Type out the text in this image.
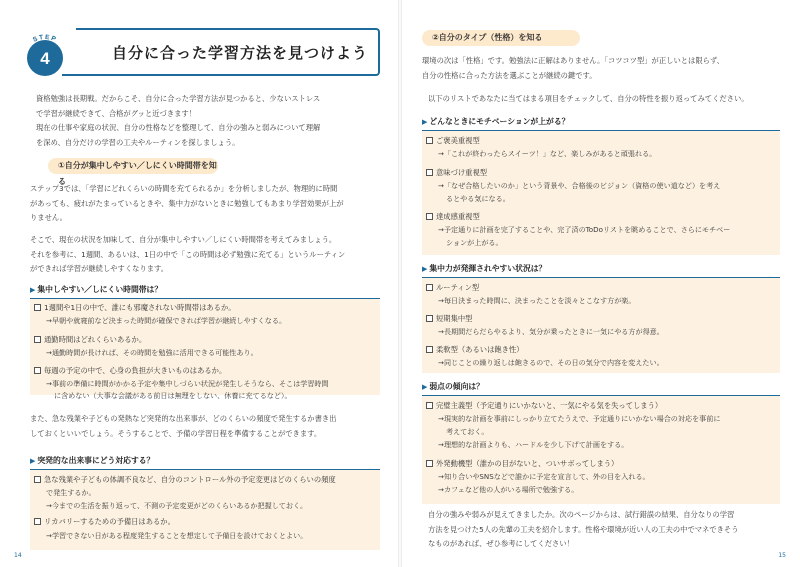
4
STEP
自分に合った学習方法を見つけよう
資格勉強は長期戦。だからこそ、自分に合った学習方法が見つかると、少ないストレス
で学習が継続できて、合格がグッと近づきます！
現在の仕事や家庭の状況、自分の性格などを整理して、自分の強みと弱みについて理解
を深め、自分だけの学習の工夫やルーティンを探しましょう。
①自分が集中しやすい／しにくい時間帯を知る
ステップ3では、「学習にどれくらいの時間を充てられるか」を分析しましたが、物理的に時間
があっても、疲れがたまっているときや、集中力がないときに勉強してもあまり学習効果が上が
りません。
そこで、現在の状況を加味して、自分が集中しやすい／しにくい時間帯を考えてみましょう。
それを参考に、1週間、あるいは、1日の中で「この時間は必ず勉強に充てる」というルーティン
ができれば学習が継続しやすくなります。
▶ 集中しやすい／しにくい時間帯は？
1週間や1日の中で、誰にも邪魔されない時間帯はあるか。
→早朝や就寝前など決まった時間が確保できれば学習が継続しやすくなる。
通勤時間はどれくらいあるか。
→通勤時間が長ければ、その時間を勉強に活用できる可能性あり。
毎週の予定の中で、心身の負担が大きいものはあるか。
→事前の準備に時間がかかる予定や集中しづらい状況が発生しそうなら、そこは学習時間
に含めない（大事な会議がある前日は無理をしない、休養に充てるなど）。
また、急な残業や子どもの発熱など突発的な出来事が、どのくらいの頻度で発生するか書き出
しておくといいでしょう。そうすることで、予備の学習日程を準備することができます。
▶ 突発的な出来事にどう対応する？
急な残業や子どもの体調不良など、自分のコントロール外の予定変更はどのくらいの頻度
で発生するか。
→今までの生活を振り返って、不測の予定変更がどのくらいあるか把握しておく。
リカバリーするための予備日はあるか。
→学習できない日がある程度発生することを想定して予備日を設けておくとよい。
14
②自分のタイプ（性格）を知る
環境の次は「性格」です。勉強法に正解はありません。「コツコツ型」が正しいとは限らず、
自分の性格に合った方法を選ぶことが継続の鍵です。
以下のリストであなたに当てはまる項目をチェックして、自分の特性を振り返ってみてください。
▶ どんなときにモチベーションが上がる？
ご褒美重視型
→「これが終わったらスイーツ！」など、楽しみがあると頑張れる。
意味づけ重視型
→「なぜ合格したいのか」という背景や、合格後のビジョン（資格の使い道など）を考え
るとやる気になる。
達成感重視型
→予定通りに計画を完了することや、完了済のToDoリストを眺めることで、さらにモチベー
ションが上がる。
▶ 集中力が発揮されやすい状況は？
ルーティン型
→毎日決まった時間に、決まったことを淡々とこなす方が楽。
短期集中型
→長期間だらだらやるより、気分が乗ったときに一気にやる方が得意。
柔軟型（あるいは飽き性）
→同じことの繰り返しは飽きるので、その日の気分で内容を変えたい。
▶ 弱点の傾向は？
完璧主義型（予定通りにいかないと、一気にやる気を失ってしまう）
→現実的な計画を事前にしっかり立てたうえで、予定通りにいかない場合の対応を事前に
考えておく。
→理想的な計画よりも、ハードルを少し下げて計画をする。
外発動機型（誰かの目がないと、ついサボってしまう）
→知り合いやSNSなどで誰かに予定を宣言して、外の目を入れる。
→カフェなど他の人がいる場所で勉強する。
自分の強みや弱みが見えてきましたか。次のページからは、試行錯誤の結果、自分なりの学習
方法を見つけた5人の先輩の工夫を紹介します。性格や環境が近い人の工夫の中でマネできそう
なものがあれば、ぜひ参考にしてください！
15
